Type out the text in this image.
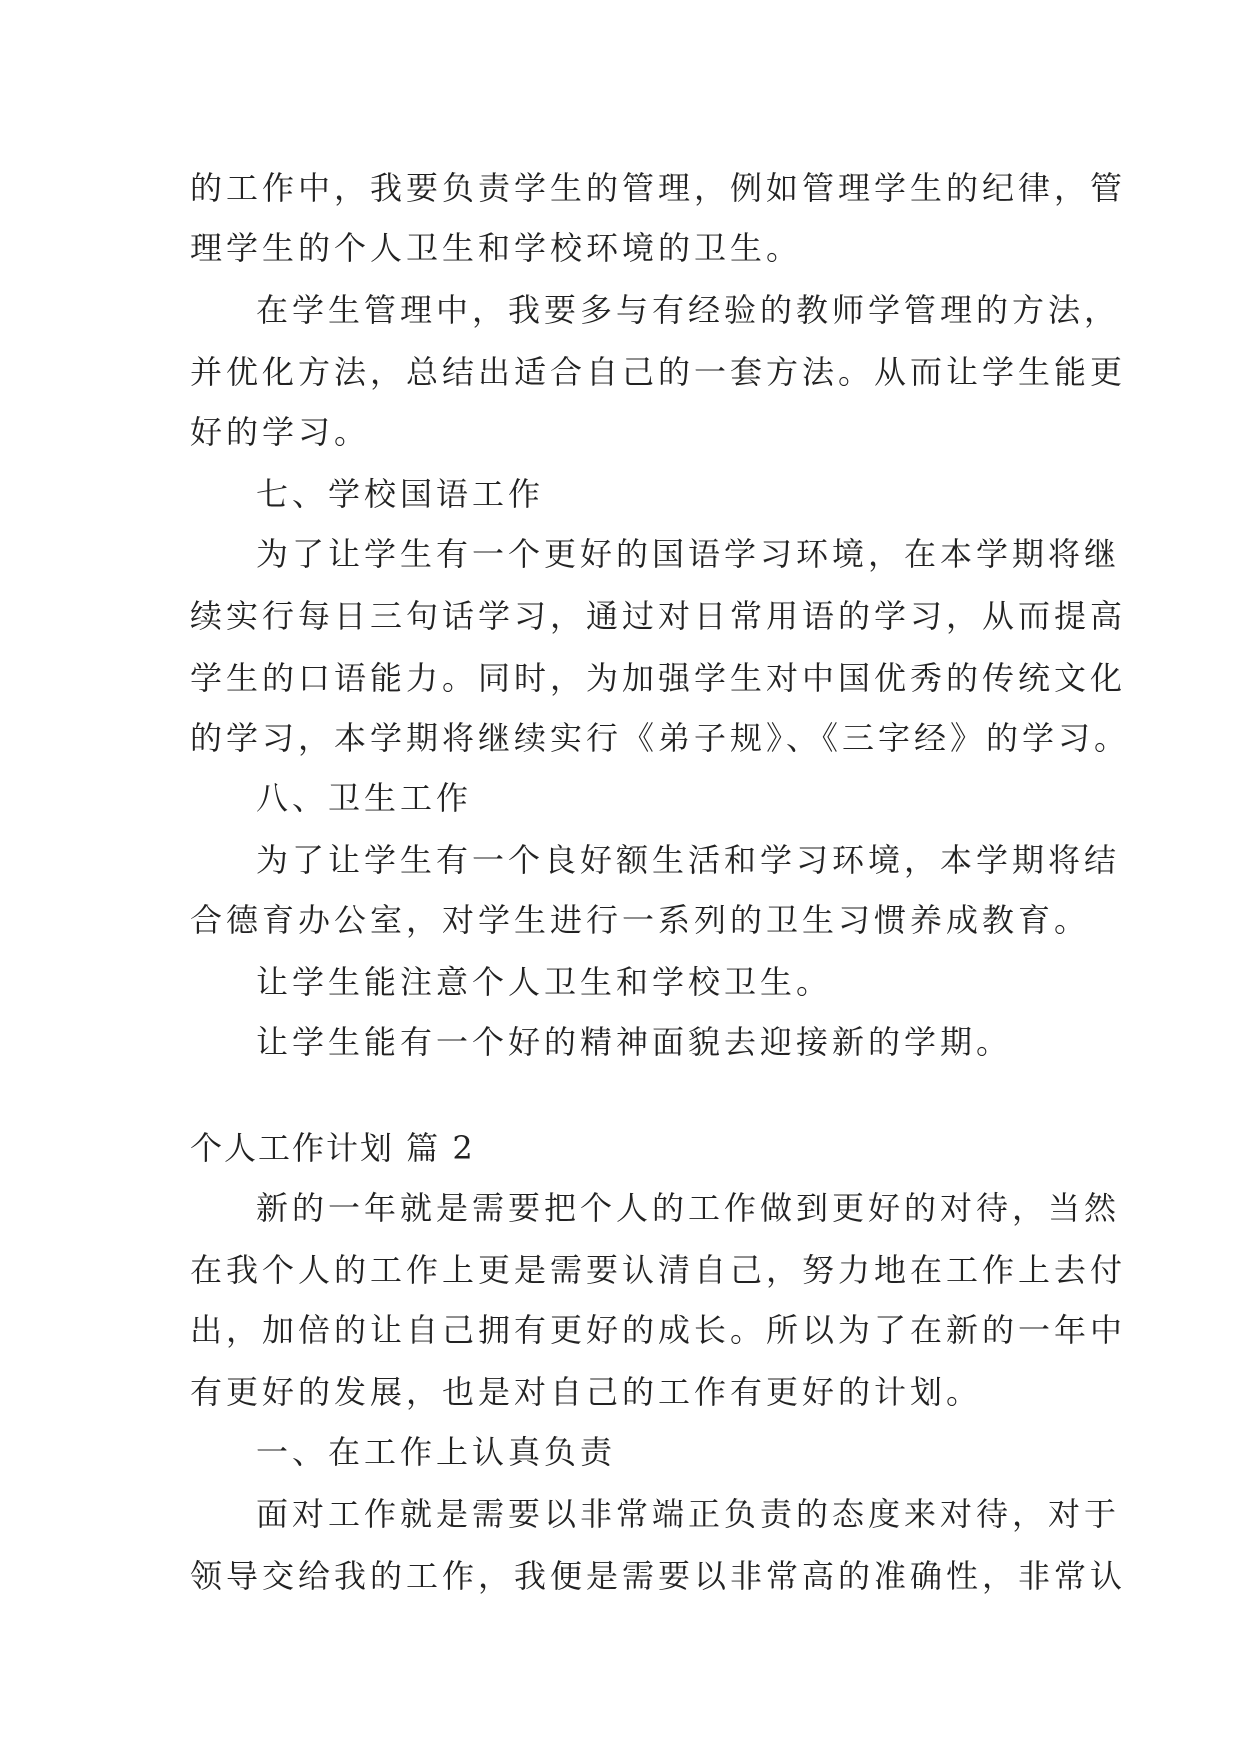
的工作中，我要负责学生的管理，例如管理学生的纪律，管
理学生的个人卫生和学校环境的卫生。
在学生管理中，我要多与有经验的教师学管理的方法，
并优化方法，总结出适合自己的一套方法。从而让学生能更
好的学习。
七、学校国语工作
为了让学生有一个更好的国语学习环境，在本学期将继
续实行每日三句话学习，通过对日常用语的学习，从而提高
学生的口语能力。同时，为加强学生对中国优秀的传统文化
的学习，本学期将继续实行《弟子规》、《三字经》的学习。
八、卫生工作
为了让学生有一个良好额生活和学习环境，本学期将结
合德育办公室，对学生进行一系列的卫生习惯养成教育。
让学生能注意个人卫生和学校卫生。
让学生能有一个好的精神面貌去迎接新的学期。
个人工作计划 篇 2
新的一年就是需要把个人的工作做到更好的对待，当然
在我个人的工作上更是需要认清自己，努力地在工作上去付
出，加倍的让自己拥有更好的成长。所以为了在新的一年中
有更好的发展，也是对自己的工作有更好的计划。
一、在工作上认真负责
面对工作就是需要以非常端正负责的态度来对待，对于
领导交给我的工作，我便是需要以非常高的准确性，非常认
